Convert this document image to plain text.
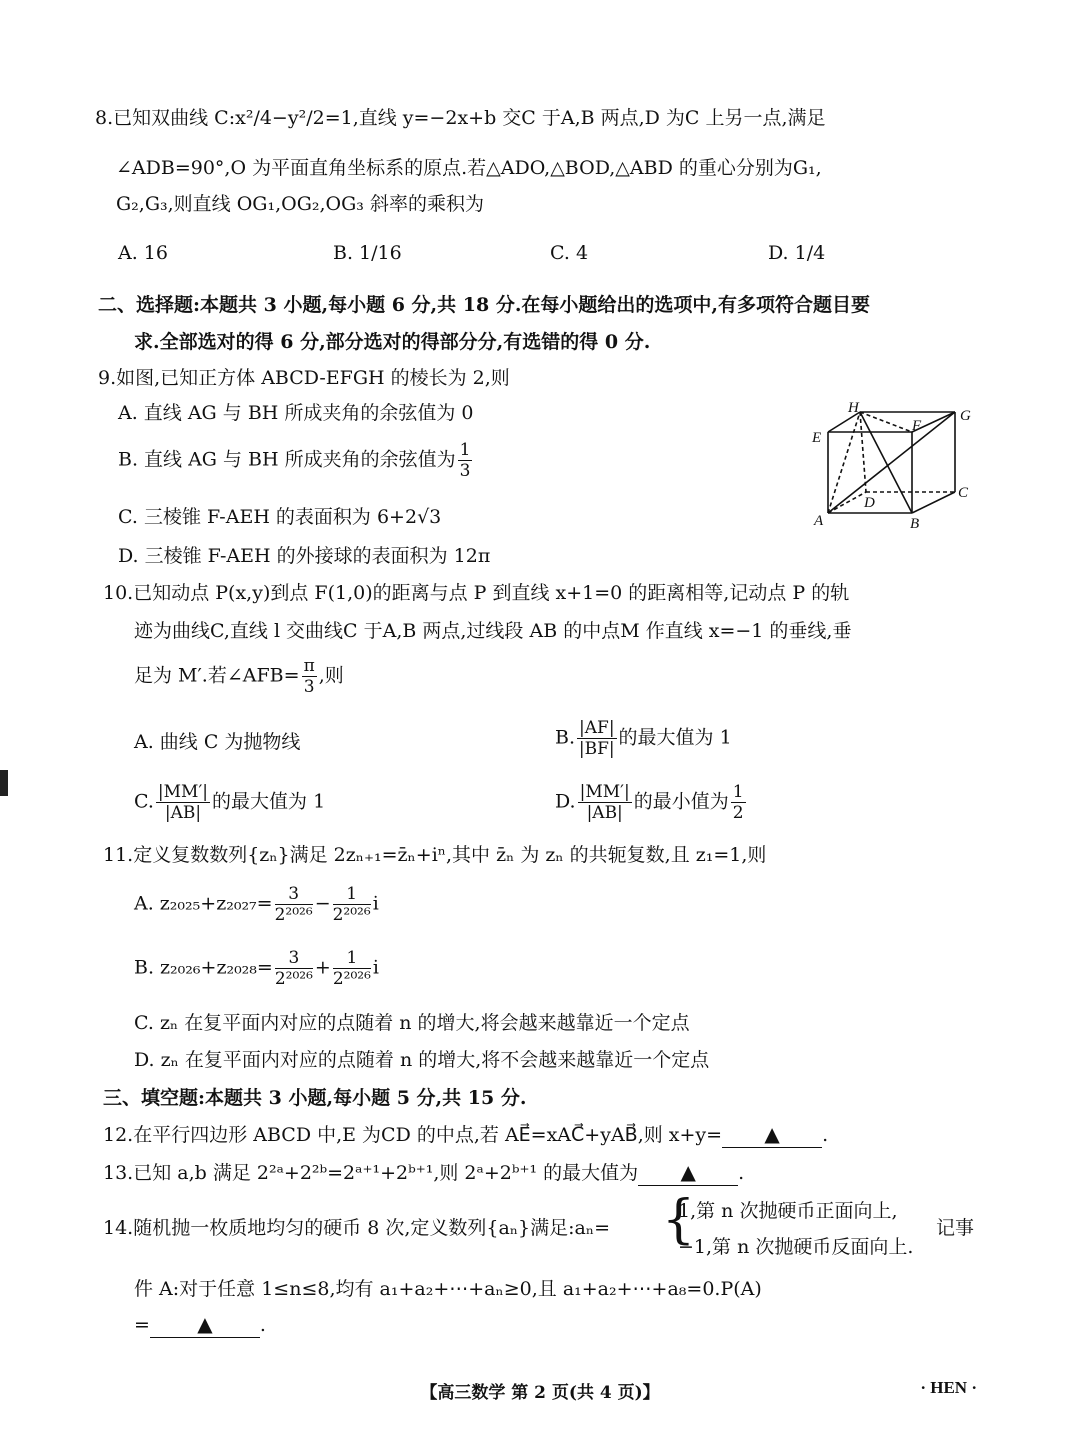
8.已知双曲线 C:x²/4−y²/2=1,直线 y=−2x+b 交C 于A,B 两点,D 为C 上另一点,满足
∠ADB=90°,O 为平面直角坐标系的原点.若△ADO,△BOD,△ABD 的重心分别为G₁,
G₂,G₃,则直线 OG₁,OG₂,OG₃ 斜率的乘积为
A. 16	B. 1/16	C. 4	D. 1/4
二、选择题:本题共 3 小题,每小题 6 分,共 18 分.在每小题给出的选项中,有多项符合题目要
求.全部选对的得 6 分,部分选对的得部分分,有选错的得 0 分.
9.如图,已知正方体 ABCD-EFGH 的棱长为 2,则
A. 直线 AG 与 BH 所成夹角的余弦值为 0
B. 直线 AG 与 BH 所成夹角的余弦值为 $\frac{1}{3}$
C. 三棱锥 F-AEH 的表面积为 6+2√3
D. 三棱锥 F-AEH 的外接球的表面积为 12π
H	G
E
F
C
D
A	B
10.已知动点 P(x,y)到点 F(1,0)的距离与点 P 到直线 x+1=0 的距离相等,记动点 P 的轨
迹为曲线C,直线 l 交曲线C 于A,B 两点,过线段 AB 的中点M 作直线 x=−1 的垂线,垂
足为 M′.若∠AFB= $\frac{\pi}{3}$ ,则
A. 曲线 C 为抛物线	B. $\frac{|AF|}{|BF|}$ 的最大值为 1
C. $\frac{|MM'|}{|AB|}$ 的最大值为 1	D. $\frac{|MM'|}{|AB|}$ 的最小值为 $\frac{1}{2}$
11.定义复数数列{zₙ}满足 2zₙ₊₁=z̄ₙ+iⁿ,其中 z̄ₙ 为 zₙ 的共轭复数,且 z₁=1,则
A. $z_{2025}+z_{2027}= \frac{3}{\text{2²⁰²⁶}} - \frac{1}{\text{2²⁰²⁶}}$ i
B. $z_{2026}+z_{2028}= \frac{3}{\text{2²⁰²⁶}} + \frac{1}{\text{2²⁰²⁶}}$ i
C. zₙ 在复平面内对应的点随着 n 的增大,将会越来越靠近一个定点
D. zₙ 在复平面内对应的点随着 n 的增大,将不会越来越靠近一个定点
三、填空题:本题共 3 小题,每小题 5 分,共 15 分.
12.在平行四边形 ABCD 中,E 为CD 的中点,若 AE⃗=xAC⃗+yAB⃗,则 x+y= ▲ .
13.已知 a,b 满足 2²ᵃ+2²ᵇ=2ᵃ⁺¹+2ᵇ⁺¹,则 2ᵃ+2ᵇ⁺¹ 的最大值为 ▲ .
14.随机抛一枚质地均匀的硬币 8 次,定义数列{aₙ}满足:aₙ= {
1,第 n 次抛硬币正面向上,
−1,第 n 次抛硬币反面向上.
记事
件 A:对于任意 1≤n≤8,均有 a₁+a₂+⋯+aₙ≥0,且 a₁+a₂+⋯+a₈=0.P(A)
= ▲ .
【高三数学 第 2 页(共 4 页)】	· HEN ·
